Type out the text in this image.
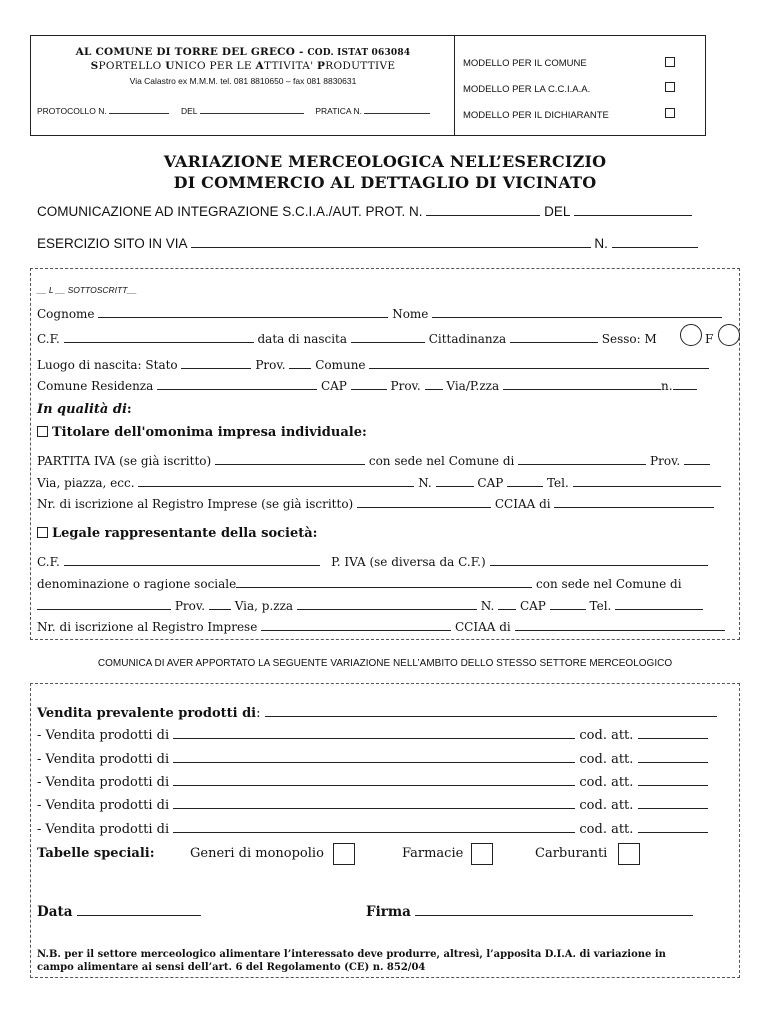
AL COMUNE DI TORRE DEL GRECO - COD. ISTAT 063084
SPORTELLO UNICO PER LE ATTIVITA' PRODUTTIVE
Via Calastro ex M.M.M. tel. 081 8810650 – fax 081 8830631
PROTOCOLLO N.	DEL	PRATICA N.
MODELLO PER IL COMUNE
MODELLO PER LA C.C.I.A.A.
MODELLO PER IL DICHIARANTE
VARIAZIONE MERCEOLOGICA NELL’ESERCIZIO
DI COMMERCIO AL DETTAGLIO DI VICINATO
COMUNICAZIONE AD INTEGRAZIONE S.C.I.A./AUT. PROT. N.	DEL
ESERCIZIO SITO IN VIA	N.
__ L __ SOTTOSCRITT__
Cognome	Nome
C.F.	data di nascita	Cittadinanza	Sesso: M	F
Luogo di nascita: Stato	Prov. Comune
Comune Residenza	CAP	Prov. Via/P.zza	n.
In qualità di:
Titolare dell'omonima impresa individuale:
PARTITA IVA (se già iscritto)	con sede nel Comune di	Prov.
Via, piazza, ecc.	N.	CAP	Tel.
Nr. di iscrizione al Registro Imprese (se già iscritto)	CCIAA di
Legale rappresentante della società:
C.F.	P. IVA (se diversa da C.F.)
denominazione o ragione sociale	con sede nel Comune di
Prov. Via, p.zza	N. CAP	Tel.
Nr. di iscrizione al Registro Imprese	CCIAA di
COMUNICA DI AVER APPORTATO LA SEGUENTE VARIAZIONE NELL’AMBITO DELLO STESSO SETTORE MERCEOLOGICO
Vendita prevalente prodotti di:
- Vendita prodotti di	cod. att.
- Vendita prodotti di	cod. att.
- Vendita prodotti di	cod. att.
- Vendita prodotti di	cod. att.
- Vendita prodotti di	cod. att.
Tabelle speciali:	Generi di monopolio	Farmacie	Carburanti
Data	Firma
N.B. per il settore merceologico alimentare l’interessato deve produrre, altresì, l’apposita D.I.A. di variazione in
campo alimentare ai sensi dell’art. 6 del Regolamento (CE) n. 852/04
